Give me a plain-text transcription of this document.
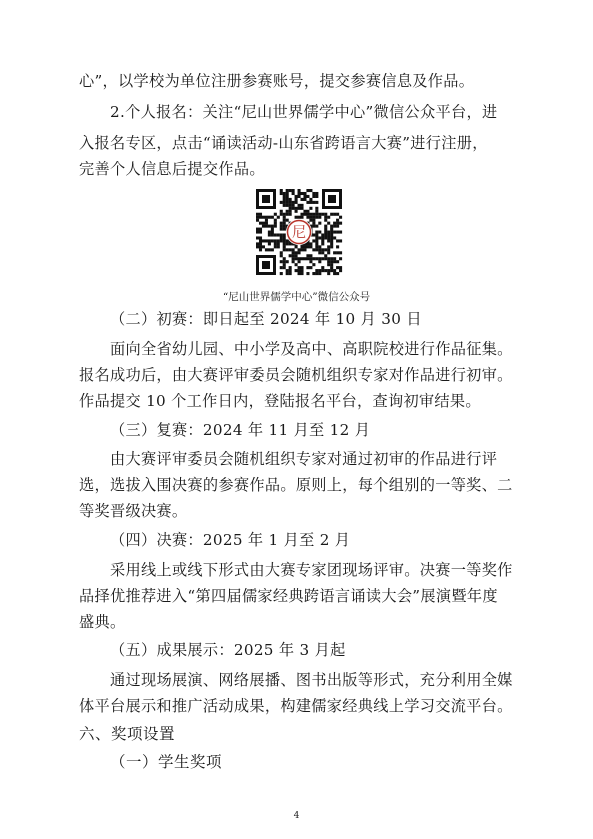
心”，以学校为单位注册参赛账号，提交参赛信息及作品。
2.个人报名：关注“尼山世界儒学中心”微信公众平台，进
入报名专区，点击“诵读活动-山东省跨语言大赛”进行注册，
完善个人信息后提交作品。
尼
“尼山世界儒学中心”微信公众号
（二）初赛：即日起至 2024 年 10 月 30 日
面向全省幼儿园、中小学及高中、高职院校进行作品征集。
报名成功后，由大赛评审委员会随机组织专家对作品进行初审。
作品提交 10 个工作日内，登陆报名平台，查询初审结果。
（三）复赛：2024 年 11 月至 12 月
由大赛评审委员会随机组织专家对通过初审的作品进行评
选，选拔入围决赛的参赛作品。原则上，每个组别的一等奖、二
等奖晋级决赛。
（四）决赛：2025 年 1 月至 2 月
采用线上或线下形式由大赛专家团现场评审。决赛一等奖作
品择优推荐进入“第四届儒家经典跨语言诵读大会”展演暨年度
盛典。
（五）成果展示：2025 年 3 月起
通过现场展演、网络展播、图书出版等形式，充分利用全媒
体平台展示和推广活动成果，构建儒家经典线上学习交流平台。
六、奖项设置
（一）学生奖项
4
